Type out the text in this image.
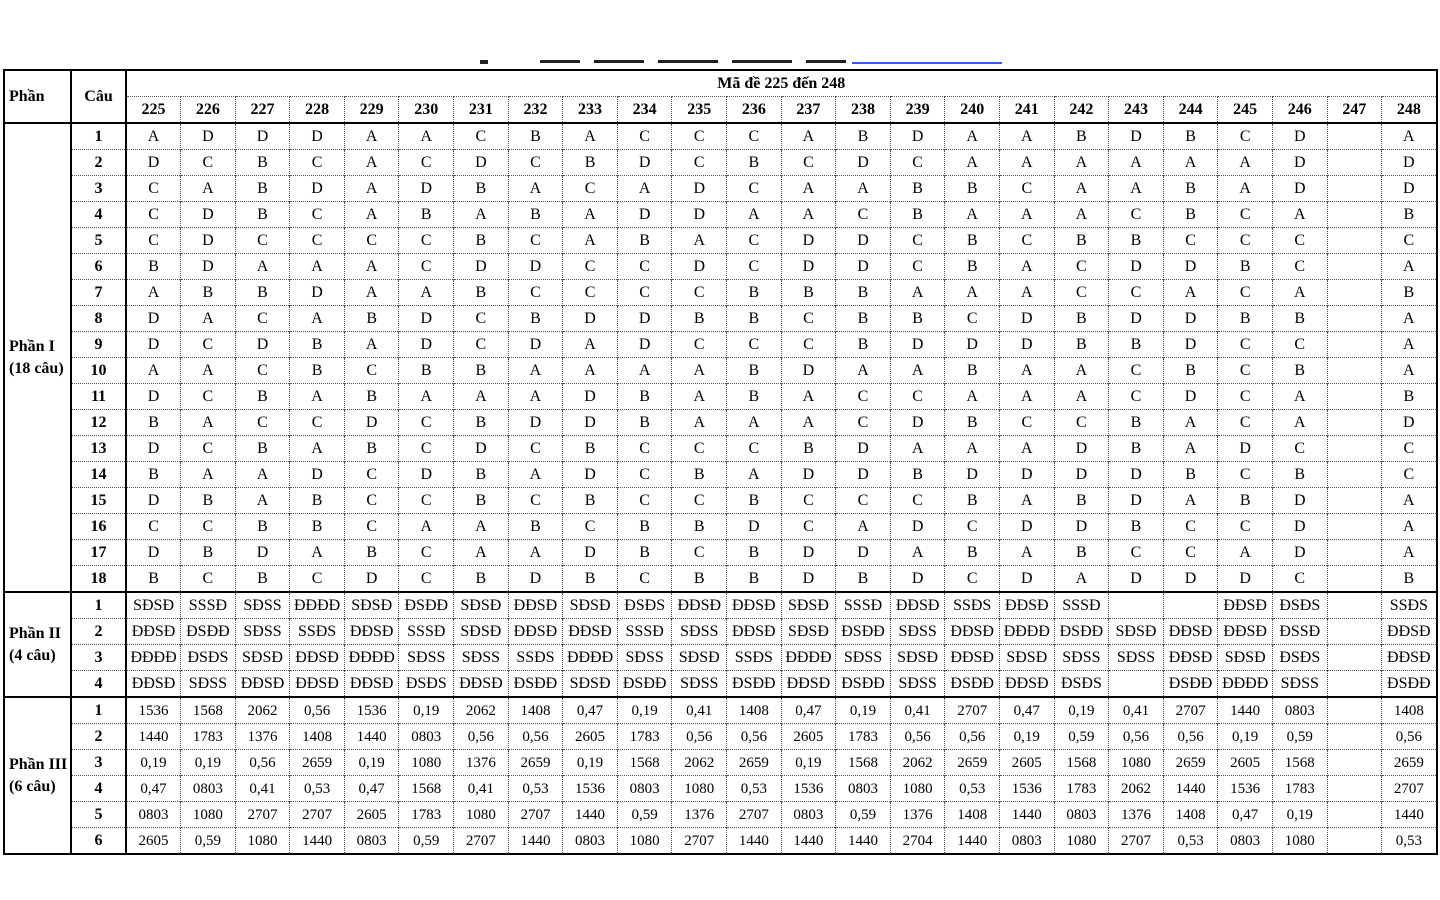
Phần	Câu	Mã đề 225 đến 248																							
		225	226	227	228	229	230	231	232	233	234	235	236	237	238	239	240	241	242	243	244	245	246	247	248

Phần I
(18 câu)	1	A	D	D	D	A	A	C	B	A	C	C	C	A	B	D	A	A	B	D	B	C	D		A
	2	D	C	B	C	A	C	D	C	B	D	C	B	C	D	C	A	A	A	A	A	A	D		D
	3	C	A	B	D	A	D	B	A	C	A	D	C	A	A	B	B	C	A	A	B	A	D		D
	4	C	D	B	C	A	B	A	B	A	D	D	A	A	C	B	A	A	A	C	B	C	A		B
	5	C	D	C	C	C	C	B	C	A	B	A	C	D	D	C	B	C	B	B	C	C	C		C
	6	B	D	A	A	A	C	D	D	C	C	D	C	D	D	C	B	A	C	D	D	B	C		A
	7	A	B	B	D	A	A	B	C	C	C	C	B	B	B	A	A	A	C	C	A	C	A		B
	8	D	A	C	A	B	D	C	B	D	D	B	B	C	B	B	C	D	B	D	D	B	B		A
	9	D	C	D	B	A	D	C	D	A	D	C	C	C	B	D	D	D	B	B	D	C	C		A
	10	A	A	C	B	C	B	B	A	A	A	A	B	D	A	A	B	A	A	C	B	C	B		A
	11	D	C	B	A	B	A	A	A	D	B	A	B	A	C	C	A	A	A	C	D	C	A		B
	12	B	A	C	C	D	C	B	D	D	B	A	A	A	C	D	B	C	C	B	A	C	A		D
	13	D	C	B	A	B	C	D	C	B	C	C	C	B	D	A	A	A	D	B	A	D	C		C
	14	B	A	A	D	C	D	B	A	D	C	B	A	D	D	B	D	D	D	D	B	C	B		C
	15	D	B	A	B	C	C	B	C	B	C	C	B	C	C	C	B	A	B	D	A	B	D		A
	16	C	C	B	B	C	A	A	B	C	B	B	D	C	A	D	C	D	D	B	C	C	D		A
	17	D	B	D	A	B	C	A	A	D	B	C	B	D	D	A	B	A	B	C	C	A	D		A
	18	B	C	B	C	D	C	B	D	B	C	B	B	D	B	D	C	D	A	D	D	D	C		B

Phần II
(4 câu)	1	SĐSĐ	SSSĐ	SĐSS	ĐĐĐĐ	SĐSĐ	ĐSĐĐ	SĐSĐ	ĐĐSĐ	SĐSĐ	ĐSĐS	ĐĐSĐ	ĐĐSĐ	SĐSĐ	SSSĐ	ĐĐSĐ	SSĐS	ĐĐSĐ	SSSĐ			ĐĐSĐ	ĐSĐS		SSĐS
	2	ĐĐSĐ	ĐSĐĐ	SĐSS	SSĐS	ĐĐSĐ	SSSĐ	SĐSĐ	ĐĐSĐ	ĐĐSĐ	SSSĐ	SĐSS	ĐĐSĐ	SĐSĐ	ĐSĐĐ	SĐSS	ĐĐSĐ	ĐĐĐĐ	ĐSĐĐ	SĐSĐ	ĐĐSĐ	ĐĐSĐ	ĐSSĐ		ĐĐSĐ
	3	ĐĐĐĐ	ĐSĐS	SĐSĐ	ĐĐSĐ	ĐĐĐĐ	SĐSS	SĐSS	SSĐS	ĐĐĐĐ	SĐSS	SĐSĐ	SSĐS	ĐĐĐĐ	SĐSS	SĐSĐ	ĐĐSĐ	SĐSĐ	SĐSS	SĐSS	ĐĐSĐ	SĐSĐ	ĐSĐS		ĐĐSĐ
	4	ĐĐSĐ	SĐSS	ĐĐSĐ	ĐĐSĐ	ĐĐSĐ	ĐSĐS	ĐĐSĐ	ĐSĐĐ	SĐSĐ	ĐSĐĐ	SĐSS	ĐSĐĐ	ĐĐSĐ	ĐSĐĐ	SĐSS	ĐSĐĐ	ĐĐSĐ	ĐSĐS		ĐSĐĐ	ĐĐĐĐ	SĐSS		ĐSĐĐ

Phần III
(6 câu)	1	1536	1568	2062	0,56	1536	0,19	2062	1408	0,47	0,19	0,41	1408	0,47	0,19	0,41	2707	0,47	0,19	0,41	2707	1440	0803		1408
	2	1440	1783	1376	1408	1440	0803	0,56	0,56	2605	1783	0,56	0,56	2605	1783	0,56	0,56	0,19	0,59	0,56	0,56	0,19	0,59		0,56
	3	0,19	0,19	0,56	2659	0,19	1080	1376	2659	0,19	1568	2062	2659	0,19	1568	2062	2659	2605	1568	1080	2659	2605	1568		2659
	4	0,47	0803	0,41	0,53	0,47	1568	0,41	0,53	1536	0803	1080	0,53	1536	0803	1080	0,53	1536	1783	2062	1440	1536	1783		2707
	5	0803	1080	2707	2707	2605	1783	1080	2707	1440	0,59	1376	2707	0803	0,59	1376	1408	1440	0803	1376	1408	0,47	0,19		1440
	6	2605	0,59	1080	1440	0803	0,59	2707	1440	0803	1080	2707	1440	1440	1440	2704	1440	0803	1080	2707	0,53	0803	1080		0,53
